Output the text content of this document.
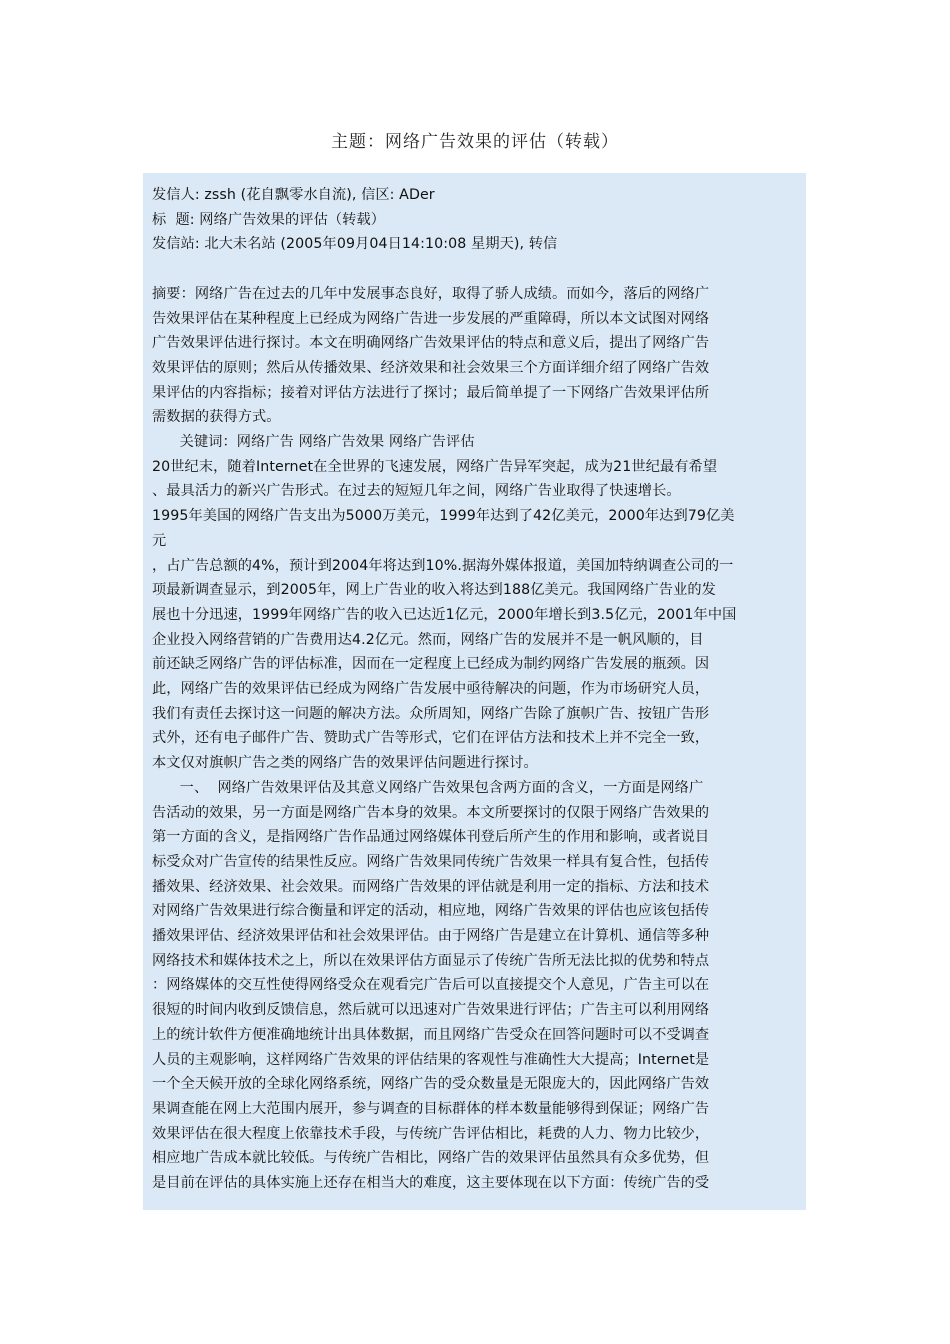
主题：网络广告效果的评估（转载）
发信人: zssh (花自飘零水自流), 信区: ADer
标  题: 网络广告效果的评估（转载）
发信站: 北大未名站 (2005年09月04日14:10:08 星期天), 转信
摘要：网络广告在过去的几年中发展事态良好，取得了骄人成绩。而如今，落后的网络广
告效果评估在某种程度上已经成为网络广告进一步发展的严重障碍，所以本文试图对网络
广告效果评估进行探讨。本文在明确网络广告效果评估的特点和意义后，提出了网络广告
效果评估的原则；然后从传播效果、经济效果和社会效果三个方面详细介绍了网络广告效
果评估的内容指标；接着对评估方法进行了探讨；最后简单提了一下网络广告效果评估所
需数据的获得方式。
关键词：网络广告 网络广告效果 网络广告评估
20世纪末，随着Internet在全世界的飞速发展，网络广告异军突起，成为21世纪最有希望
、最具活力的新兴广告形式。在过去的短短几年之间，网络广告业取得了快速增长。
1995年美国的网络广告支出为5000万美元，1999年达到了42亿美元，2000年达到79亿美
元
，占广告总额的4%，预计到2004年将达到10%.据海外媒体报道，美国加特纳调查公司的一
项最新调查显示，到2005年，网上广告业的收入将达到188亿美元。我国网络广告业的发
展也十分迅速，1999年网络广告的收入已达近1亿元，2000年增长到3.5亿元，2001年中国
企业投入网络营销的广告费用达4.2亿元。然而，网络广告的发展并不是一帆风顺的，目
前还缺乏网络广告的评估标准，因而在一定程度上已经成为制约网络广告发展的瓶颈。因
此，网络广告的效果评估已经成为网络广告发展中亟待解决的问题，作为市场研究人员，
我们有责任去探讨这一问题的解决方法。众所周知，网络广告除了旗帜广告、按钮广告形
式外，还有电子邮件广告、赞助式广告等形式，它们在评估方法和技术上并不完全一致，
本文仅对旗帜广告之类的网络广告的效果评估问题进行探讨。
一、  网络广告效果评估及其意义网络广告效果包含两方面的含义，一方面是网络广
告活动的效果，另一方面是网络广告本身的效果。本文所要探讨的仅限于网络广告效果的
第一方面的含义，是指网络广告作品通过网络媒体刊登后所产生的作用和影响，或者说目
标受众对广告宣传的结果性反应。网络广告效果同传统广告效果一样具有复合性，包括传
播效果、经济效果、社会效果。而网络广告效果的评估就是利用一定的指标、方法和技术
对网络广告效果进行综合衡量和评定的活动，相应地，网络广告效果的评估也应该包括传
播效果评估、经济效果评估和社会效果评估。由于网络广告是建立在计算机、通信等多种
网络技术和媒体技术之上，所以在效果评估方面显示了传统广告所无法比拟的优势和特点
：网络媒体的交互性使得网络受众在观看完广告后可以直接提交个人意见，广告主可以在
很短的时间内收到反馈信息，然后就可以迅速对广告效果进行评估；广告主可以利用网络
上的统计软件方便准确地统计出具体数据，而且网络广告受众在回答问题时可以不受调查
人员的主观影响，这样网络广告效果的评估结果的客观性与准确性大大提高；Internet是
一个全天候开放的全球化网络系统，网络广告的受众数量是无限庞大的，因此网络广告效
果调查能在网上大范围内展开，参与调查的目标群体的样本数量能够得到保证；网络广告
效果评估在很大程度上依靠技术手段，与传统广告评估相比，耗费的人力、物力比较少，
相应地广告成本就比较低。与传统广告相比，网络广告的效果评估虽然具有众多优势，但
是目前在评估的具体实施上还存在相当大的难度，这主要体现在以下方面：传统广告的受
